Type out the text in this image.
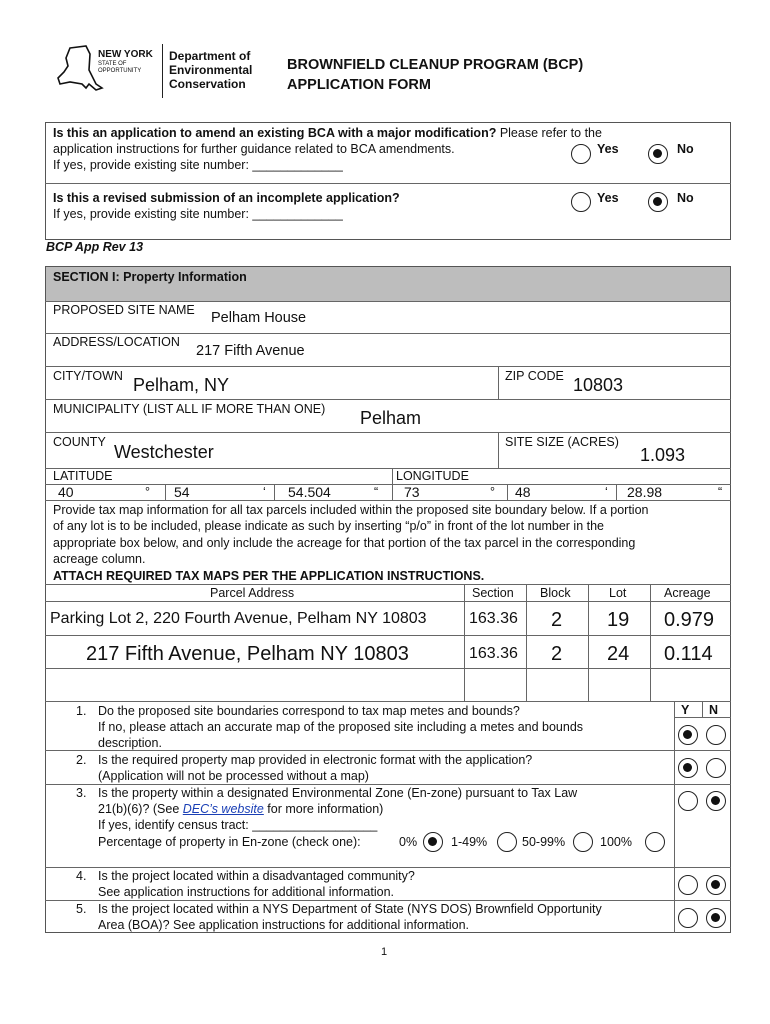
NEW YORK
STATE OF
OPPORTUNITY
Department of
Environmental
Conservation
BROWNFIELD CLEANUP PROGRAM (BCP)
APPLICATION FORM
Is this an application to amend an existing BCA with a major modification? Please refer to the
application instructions for further guidance related to BCA amendments.
If yes, provide existing site number: _____________
Yes	No
Is this a revised submission of an incomplete application?
If yes, provide existing site number: _____________
Yes	No
BCP App Rev 13
SECTION I: Property Information
PROPOSED SITE NAME Pelham House
ADDRESS/LOCATION
217 Fifth Avenue
CITY/TOWN Pelham, NY	ZIP CODE 10803
MUNICIPALITY (LIST ALL IF MORE THAN ONE) Pelham
COUNTY Westchester	SITE SIZE (ACRES)
1.093
LATITUDE	LONGITUDE
40	° 54	‘ 54.504	“ 73	° 48	‘ 28.98	“
Provide tax map information for all tax parcels included within the proposed site boundary below. If a portion
of any lot is to be included, please indicate as such by inserting “p/o” in front of the lot number in the
appropriate box below, and only include the acreage for that portion of the tax parcel in the corresponding
acreage column.
ATTACH REQUIRED TAX MAPS PER THE APPLICATION INSTRUCTIONS.
Parcel Address	Section Block	Lot	Acreage
Parking Lot 2, 220 Fourth Avenue, Pelham NY 10803	163.36 2 19 0.979
217 Fifth Avenue, Pelham NY 10803	163.36 2 24 0.114
Y N
1. Do the proposed site boundaries correspond to tax map metes and bounds?
If no, please attach an accurate map of the proposed site including a metes and bounds
description.
2. Is the required property map provided in electronic format with the application?
(Application will not be processed without a map)
3. Is the property within a designated Environmental Zone (En-zone) pursuant to Tax Law
21(b)(6)? (See DEC’s website for more information)
If yes, identify census tract: __________________
Percentage of property in En-zone (check one):	0%	1-49%	50-99%	100%
4. Is the project located within a disadvantaged community?
See application instructions for additional information.
5. Is the project located within a NYS Department of State (NYS DOS) Brownfield Opportunity
Area (BOA)? See application instructions for additional information.
1
